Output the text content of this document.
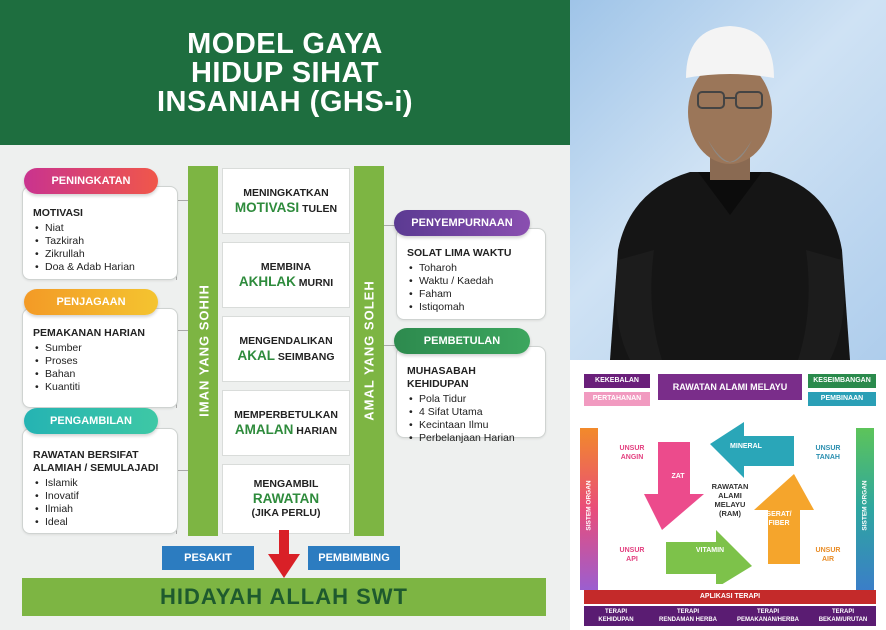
MODEL GAYA
HIDUP SIHAT
INSANIAH (GHS-i)
MOTIVASI
• Niat
• Tazkirah
• Zikrullah
• Doa & Adab Harian
PENINGKATAN
PEMAKANAN HARIAN
• Sumber
• Proses
• Bahan
• Kuantiti
PENJAGAAN
RAWATAN BERSIFAT ALAMIAH / SEMULAJADI
• Islamik
• Inovatif
• Ilmiah
• Ideal
PENGAMBILAN
IMAN YANG SOHIH	AMAL YANG SOLEH
MENINGKATKAN
MOTIVASI TULEN
MEMBINA
AKHLAK MURNI
MENGENDALIKAN
AKAL SEIMBANG
MEMPERBETULKAN
AMALAN HARIAN
MENGAMBIL
RAWATAN
(JIKA PERLU)
SOLAT LIMA WAKTU
• Toharoh
• Waktu / Kaedah
• Faham
• Istiqomah
PENYEMPURNAAN
MUHASABAH KEHIDUPAN
• Pola Tidur
• 4 Sifat Utama
• Kecintaan Ilmu
• Perbelanjaan Harian
PEMBETULAN
PESAKIT	PEMBIMBING
HIDAYAH ALLAH SWT
KEKEBALAN
PERTAHANAN
RAWATAN ALAMI MELAYU
KESEIMBANGAN
PEMBINAAN
SISTEM ORGAN	SISTEM ORGAN
UNSUR ANGIN
UNSUR TANAH
UNSUR API
UNSUR AIR
MINERAL
ZAT
SERAT/ FIBER
VITAMIN
RAWATAN
ALAMI
MELAYU
(RAM)
APLIKASI TERAPI
TERAPI
KEHIDUPAN
TERAPI
RENDAMAN HERBA
TERAPI
PEMAKANAN/HERBA
TERAPI
BEKAM/URUTAN
